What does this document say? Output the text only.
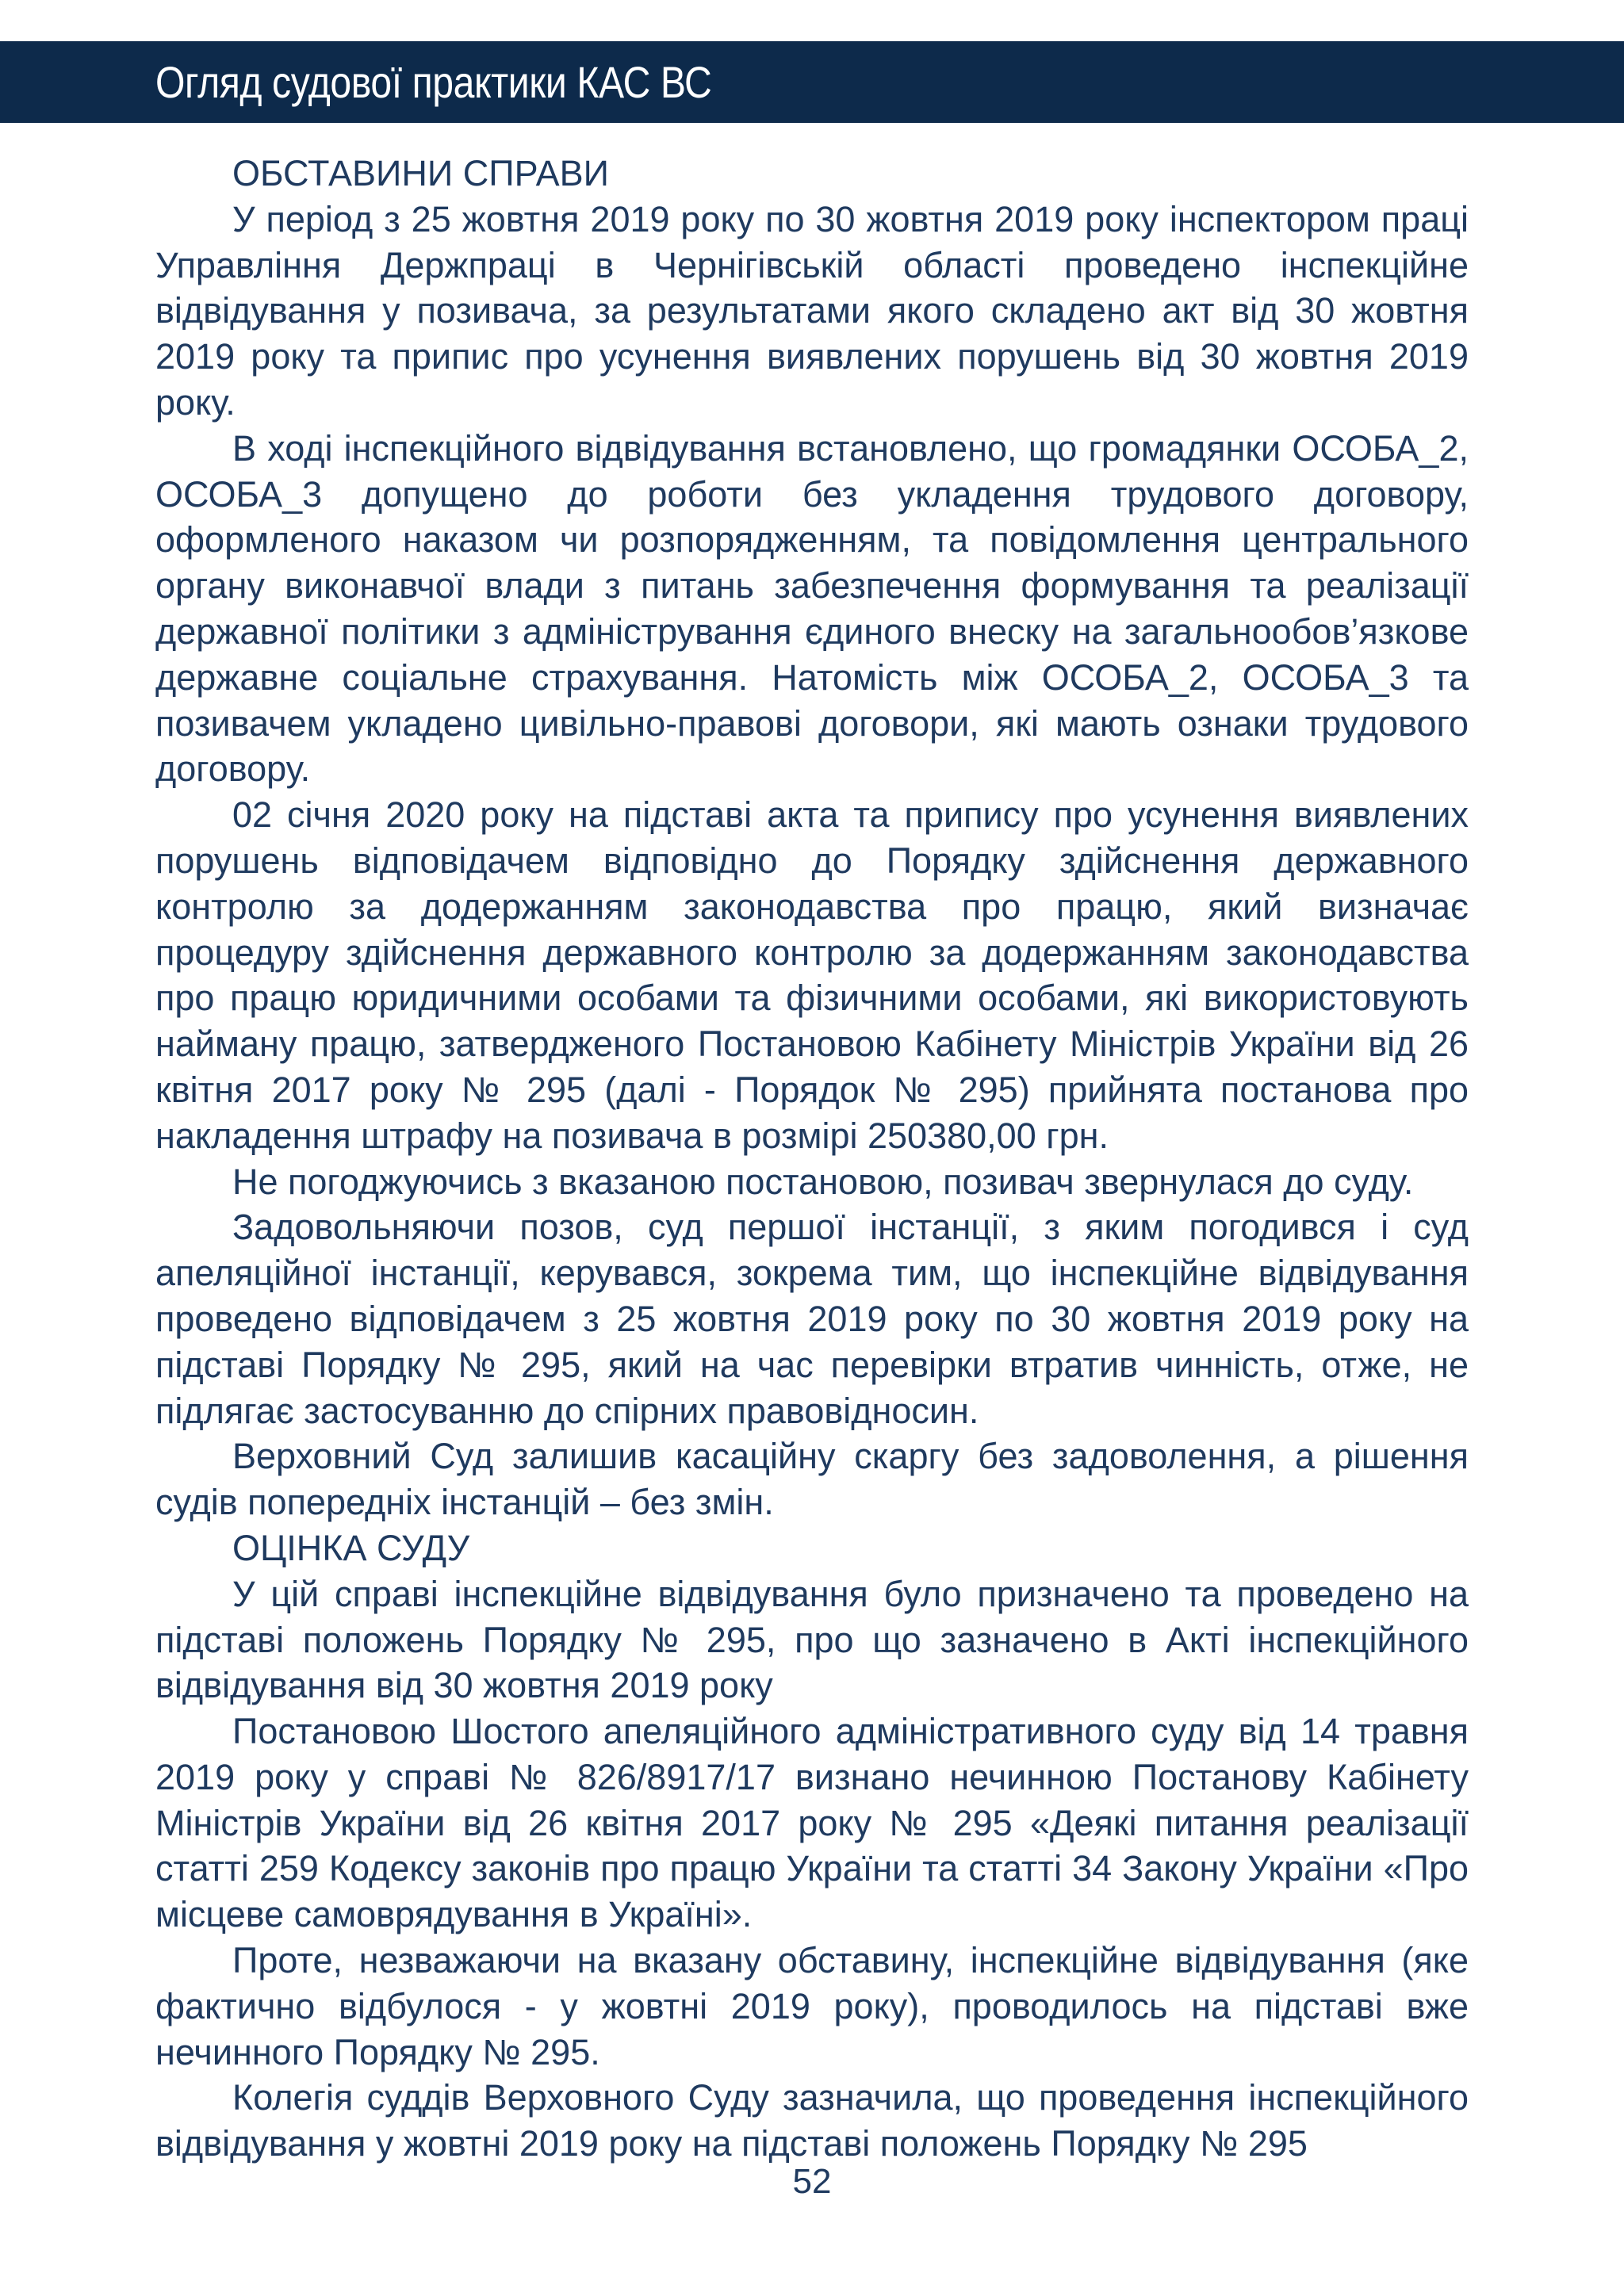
Огляд судової практики КАС ВС

ОБСТАВИНИ СПРАВИ

У період з 25 жовтня 2019 року по 30 жовтня 2019 року інспектором праці Управління Держпраці в Чернігівській області проведено інспекційне відвідування у позивача, за результатами якого складено акт від 30 жовтня 2019 року та припис про усунення виявлених порушень від 30 жовтня 2019 року.

В ході інспекційного відвідування встановлено, що громадянки ОСОБА_2, ОСОБА_3 допущено до роботи без укладення трудового договору, оформленого наказом чи розпорядженням, та повідомлення центрального органу виконавчої влади з питань забезпечення формування та реалізації державної політики з адміністрування єдиного внеску на загальнообов’язкове державне соціальне страхування. Натомість між ОСОБА_2, ОСОБА_3 та позивачем укладено цивільно-правові договори, які мають ознаки трудового договору.

02 січня 2020 року на підставі акта та припису про усунення виявлених порушень відповідачем відповідно до Порядку здійснення державного контролю за додержанням законодавства про працю, який визначає процедуру здійснення державного контролю за додержанням законодавства про працю юридичними особами та фізичними особами, які використовують найману працю, затвердженого Постановою Кабінету Міністрів України від 26 квітня 2017 року № 295 (далі - Порядок № 295) прийнята постанова про накладення штрафу на позивача в розмірі 250380,00 грн.

Не погоджуючись з вказаною постановою, позивач звернулася до суду.

Задовольняючи позов, суд першої інстанції, з яким погодився і суд апеляційної інстанції, керувався, зокрема тим, що інспекційне відвідування проведено відповідачем з 25 жовтня 2019 року по 30 жовтня 2019 року на підставі Порядку № 295, який на час перевірки втратив чинність, отже, не підлягає застосуванню до спірних правовідносин.

Верховний Суд залишив касаційну скаргу без задоволення, а рішення судів попередніх інстанцій – без змін.

ОЦІНКА СУДУ

У цій справі інспекційне відвідування було призначено та проведено на підставі положень Порядку № 295, про що зазначено в Акті інспекційного відвідування від 30 жовтня 2019 року

Постановою Шостого апеляційного адміністративного суду від 14 травня 2019 року у справі № 826/8917/17 визнано нечинною Постанову Кабінету Міністрів України від 26 квітня 2017 року № 295 «Деякі питання реалізації статті 259 Кодексу законів про працю України та статті 34 Закону України «Про місцеве самоврядування в Україні».

Проте, незважаючи на вказану обставину, інспекційне відвідування (яке фактично відбулося - у жовтні 2019 року), проводилось на підставі вже нечинного Порядку № 295.

Колегія суддів Верховного Суду зазначила, що проведення інспекційного відвідування у жовтні 2019 року на підставі положень Порядку № 295

52
